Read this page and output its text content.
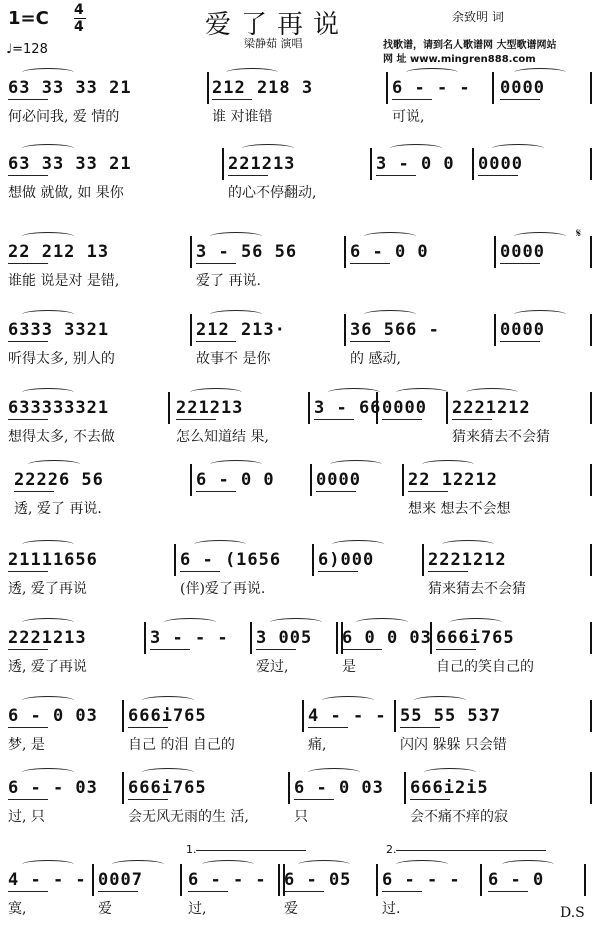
1=C 4
4	爱了再说	余致明 词
梁静茹 演唱	找歌谱，请到名人歌谱网 大型歌谱网站
网 址 www.mingren888.com
♩=128
𝄋
63 33 33 21
何必问我, 爱 情的
212 218 3
谁 对谁错
6 - - -
可说,
0000
63 33 33 21
想做 就做, 如 果你
221213
的心不停翻动,
3 - 0 0 0000
22 212 13
谁能 说是对 是错,
3 - 56 56
爱了 再说.
6 - 0 0	0000
6333 3321
听得太多, 别人的
212 213·
故事不 是你
36 566 -
的 感动,
0000
633333321
想得太多, 不去做
221213
怎么知道结 果,
3 - 66 0000 2221212
猜来猜去不会猜
22226 56
透, 爱了 再说.
6 - 0 0 0000	22 12212
想来 想去不会想
21111656
透, 爱了再说
6 - (1656
(伴)爱了再说.
6)000	2221212
猜来猜去不会猜
2221213
透, 爱了再说
3 - - - 3 005
爱过,
6 0 0 03
是
666i765
自己的笑自己的
6 - 0 03
梦, 是
666i765
自己 的泪 自己的
4 - - -
痛,
55 55 537
闪闪 躲躲 只会错
6 - - 03
过, 只
666i765
会无风无雨的生 活,
6 - 0 03
只
666i2i5
会不痛不痒的寂
4 - - -
寞,
0007
爱
6 - - -
过,
6 - 05
爱
6 - - -
过.
6 - 0
1.	2.
D.S
